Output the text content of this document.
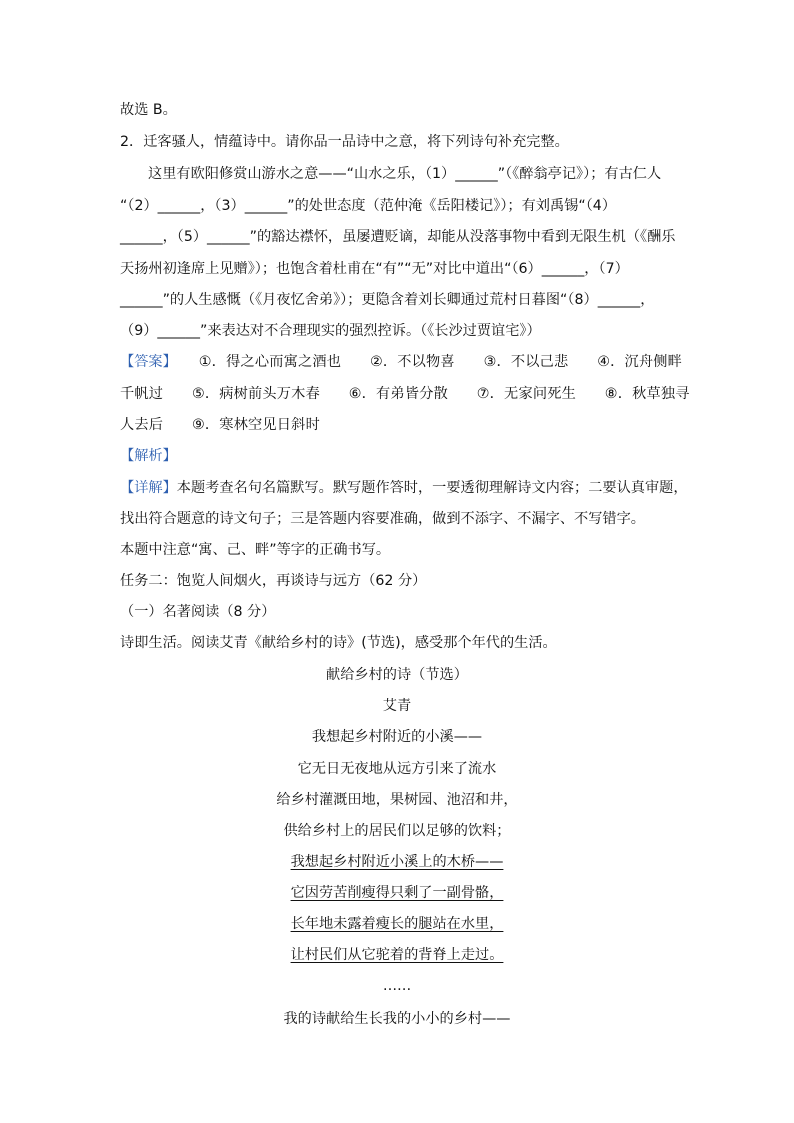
故选 B。
2．迁客骚人，情蕴诗中。请你品一品诗中之意，将下列诗句补充完整。
这里有欧阳修赏山游水之意——“山水之乐，（1）______”（《醉翁亭记》）；有古仁人
“（2）______，（3）______”的处世态度（范仲淹《岳阳楼记》）；有刘禹锡“（4）
______，（5）______”的豁达襟怀，虽屡遭贬谪，却能从没落事物中看到无限生机（《酬乐
天扬州初逢席上见赠》）；也饱含着杜甫在“有”“无”对比中道出“（6）______，（7）
______”的人生感慨（《月夜忆舍弟》）；更隐含着刘长卿通过荒村日暮图“（8）______，
（9）______”来表达对不合理现实的强烈控诉。（《长沙过贾谊宅》）
【答案】 ①．得之心而寓之酒也　　②．不以物喜　　③．不以己悲　　④．沉舟侧畔
千帆过　　⑤．病树前头万木春　　⑥．有弟皆分散　　⑦．无家问死生　　⑧．秋草独寻
人去后　　⑨．寒林空见日斜时
【解析】
【详解】本题考查名句名篇默写。默写题作答时，一要透彻理解诗文内容；二要认真审题，
找出符合题意的诗文句子；三是答题内容要准确，做到不添字、不漏字、不写错字。
本题中注意“寓、己、畔”等字的正确书写。
任务二：饱览人间烟火，再谈诗与远方（62 分）
（一）名著阅读（8 分）
诗即生活。阅读艾青《献给乡村的诗》(节选)，感受那个年代的生活。
献给乡村的诗（节选）
艾青
我想起乡村附近的小溪——
它无日无夜地从远方引来了流水
给乡村灌溉田地，果树园、池沼和井，
供给乡村上的居民们以足够的饮料；
我想起乡村附近小溪上的木桥——
它因劳苦削瘦得只剩了一副骨骼，
长年地未露着瘦长的腿站在水里，
让村民们从它驼着的背脊上走过。
……
我的诗献给生长我的小小的乡村——
